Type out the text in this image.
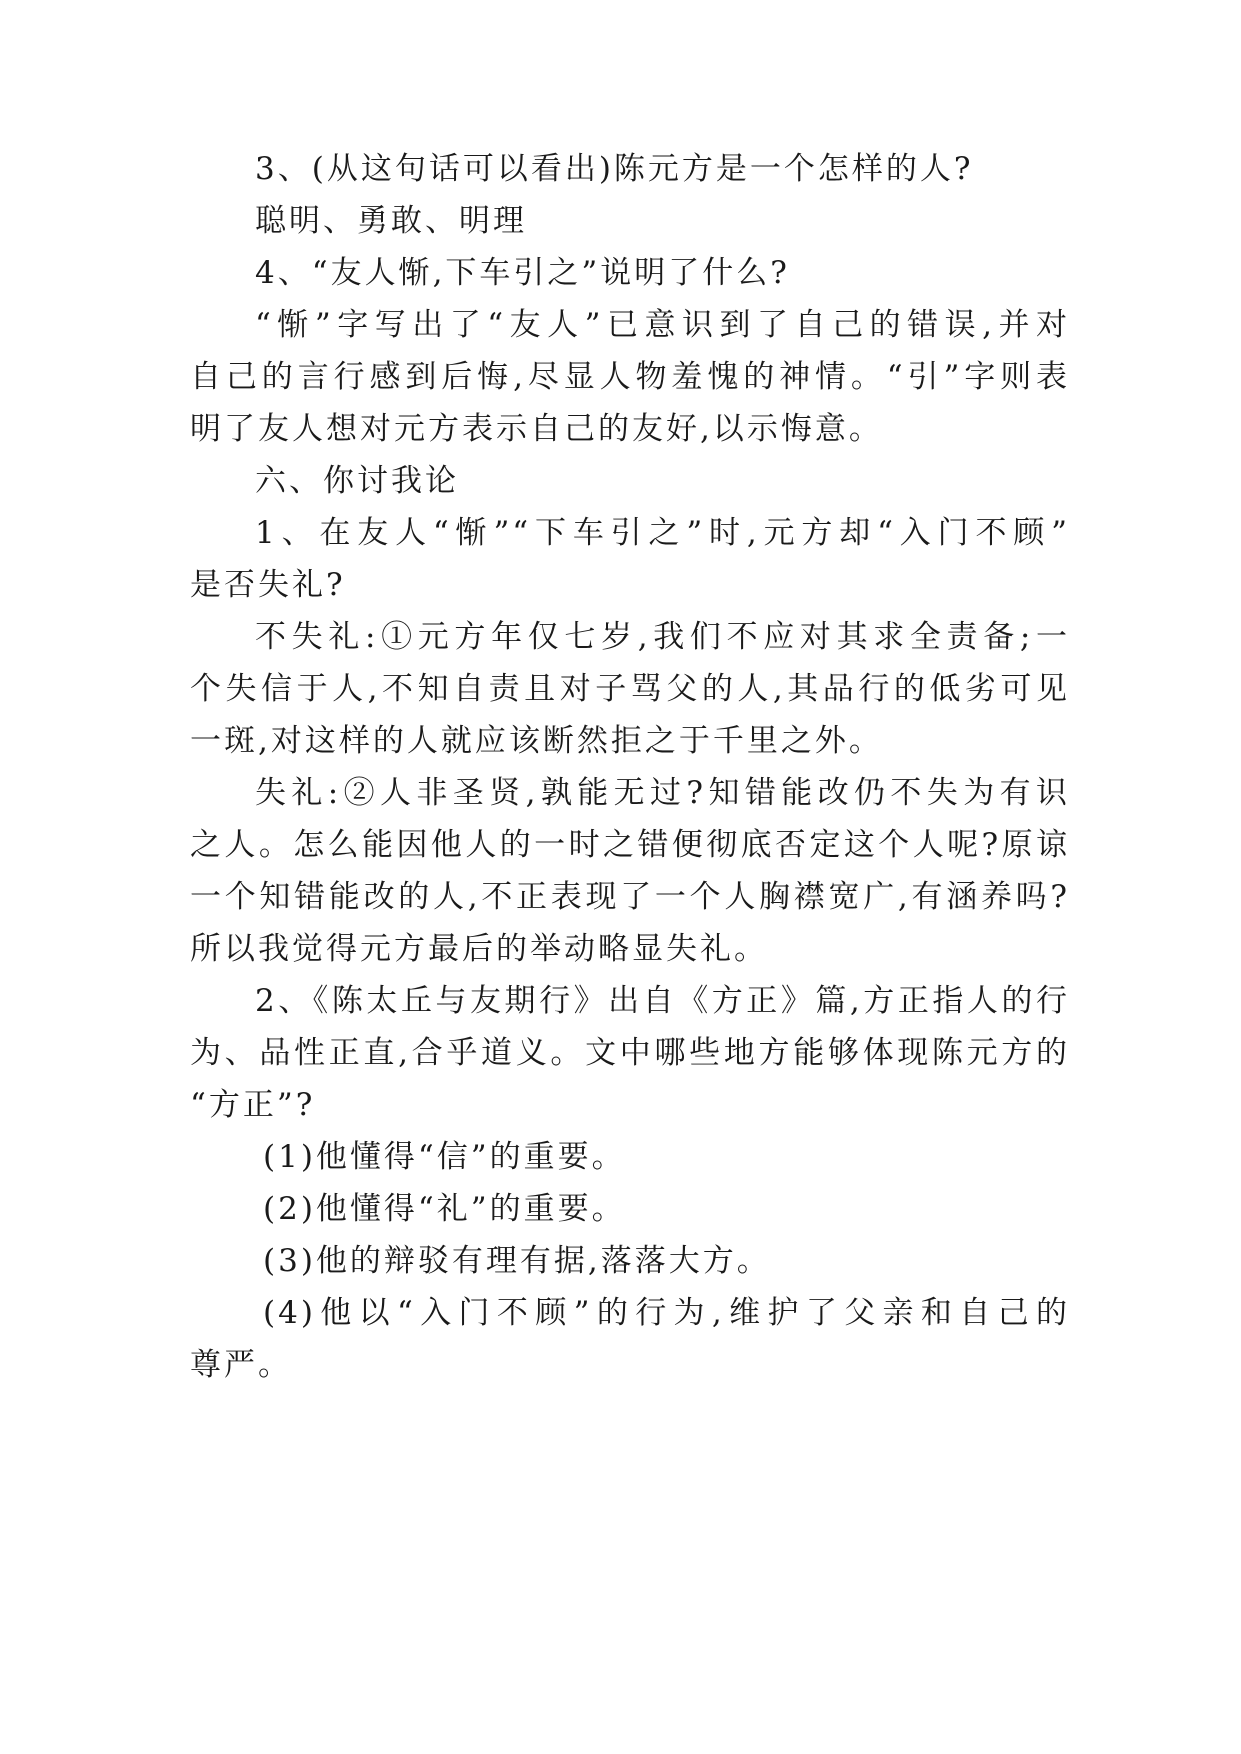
3、(从这句话可以看出)陈元方是一个怎样的人?
聪明、勇敢、明理
4、“友人惭,下车引之”说明了什么?
“惭”字写出了“友人”已意识到了自己的错误,并对
自己的言行感到后悔,尽显人物羞愧的神情。“引”字则表
明了友人想对元方表示自己的友好,以示悔意。
六、你讨我论
1、在友人“惭”“下车引之”时,元方却“入门不顾”
是否失礼?
不失礼:①元方年仅七岁,我们不应对其求全责备;一
个失信于人,不知自责且对子骂父的人,其品行的低劣可见
一斑,对这样的人就应该断然拒之于千里之外。
失礼:②人非圣贤,孰能无过?知错能改仍不失为有识
之人。怎么能因他人的一时之错便彻底否定这个人呢?原谅
一个知错能改的人,不正表现了一个人胸襟宽广,有涵养吗?
所以我觉得元方最后的举动略显失礼。
2、《陈太丘与友期行》出自《方正》篇,方正指人的行
为、品性正直,合乎道义。文中哪些地方能够体现陈元方的
“方正”?
(1)他懂得“信”的重要。
(2)他懂得“礼”的重要。
(3)他的辩驳有理有据,落落大方。
(4)他以“入门不顾”的行为,维护了父亲和自己的
尊严。
